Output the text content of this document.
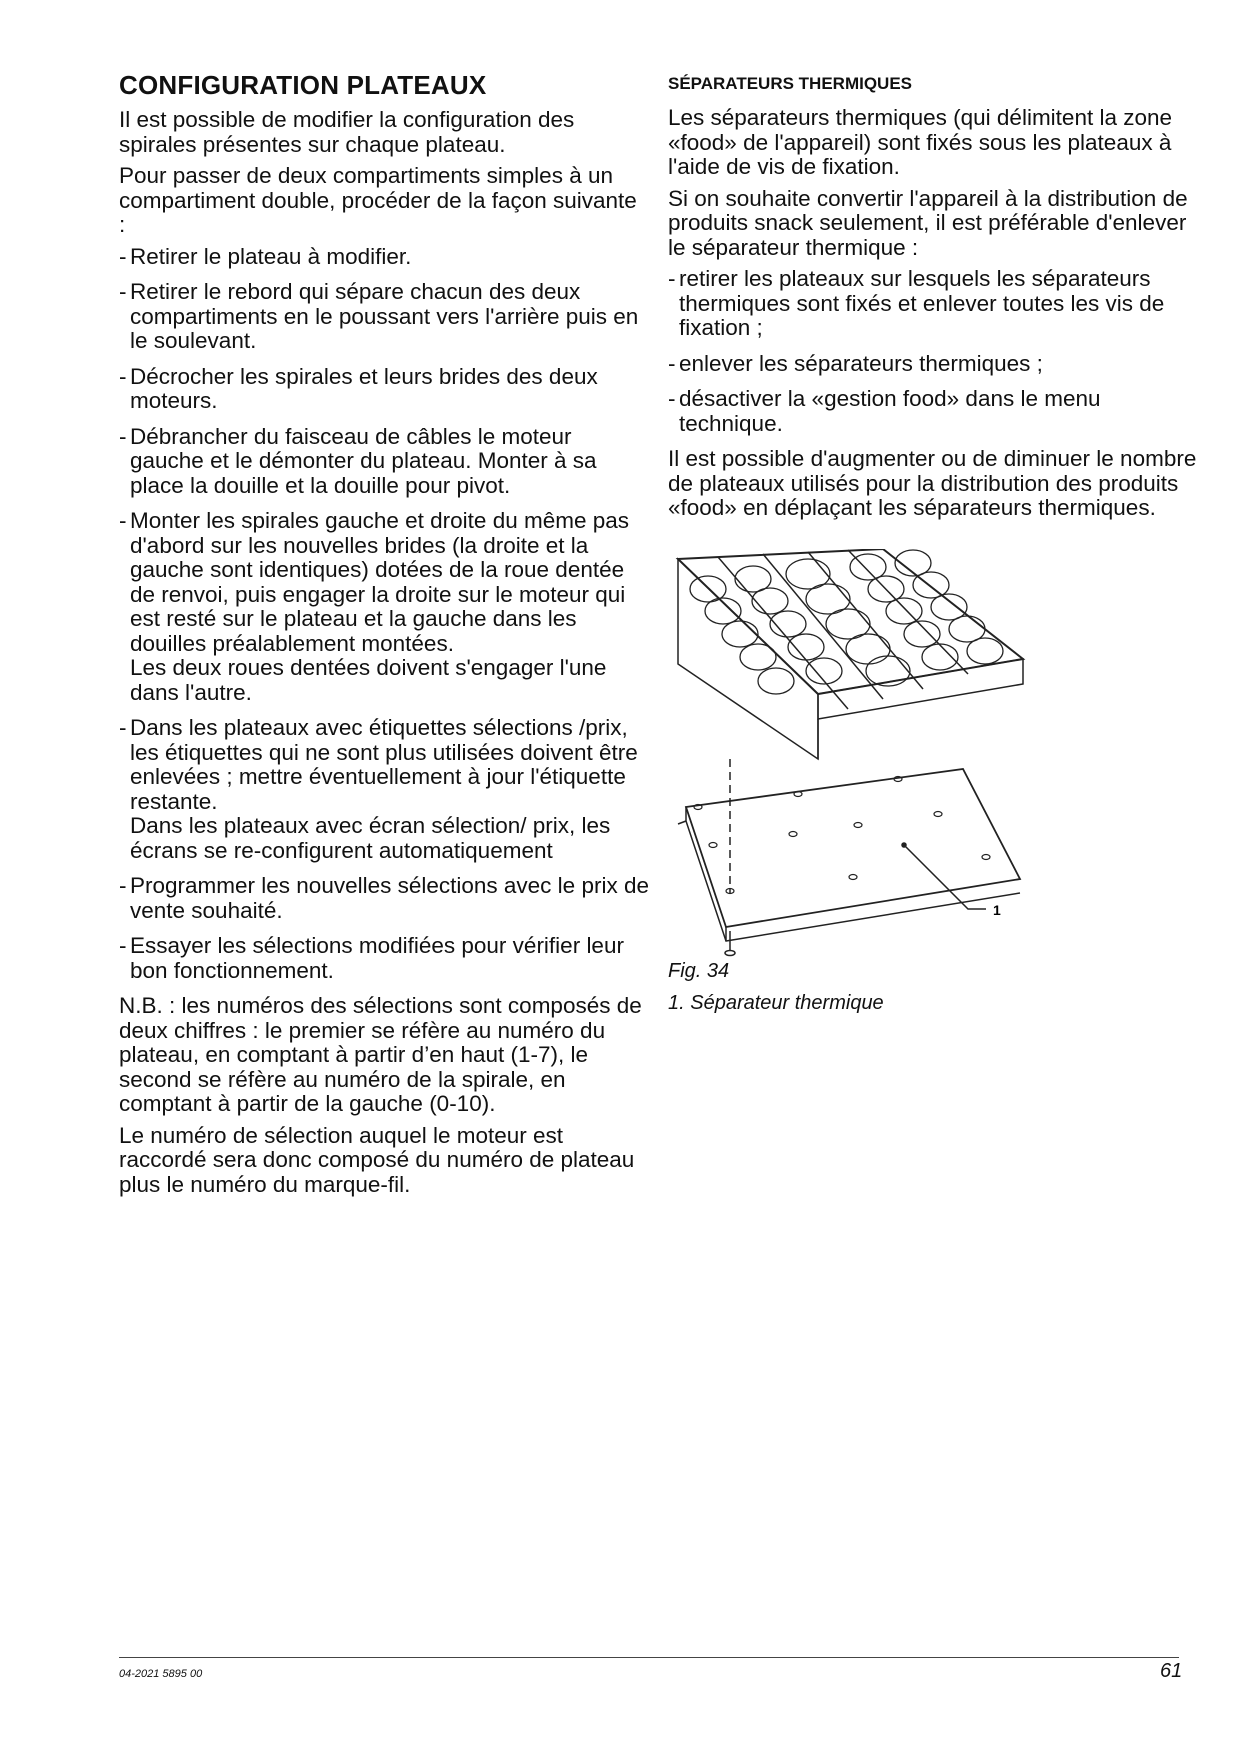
CONFIGURATION PLATEAUX

Il est possible de modifier la configuration des spirales présentes sur chaque plateau.

Pour passer de deux compartiments simples à un compartiment double, procéder de la façon suivante :

- Retirer le plateau à modifier.
- Retirer le rebord qui sépare chacun des deux compartiments en le poussant vers l'arrière puis en le soulevant.
- Décrocher les spirales et leurs brides des deux moteurs.
- Débrancher du faisceau de câbles le moteur gauche et le démonter du plateau. Monter à sa place la douille et la douille pour pivot.
- Monter les spirales gauche et droite du même pas d'abord sur les nouvelles brides (la droite et la gauche sont identiques) dotées de la roue dentée de renvoi, puis engager la droite sur le moteur qui est resté sur le plateau et la gauche dans les douilles préalablement montées.
Les deux roues dentées doivent s'engager l'une dans l'autre.
- Dans les plateaux avec étiquettes sélections /prix, les étiquettes qui ne sont plus utilisées doivent être enlevées ; mettre éventuellement à jour l'étiquette restante.
Dans les plateaux avec écran sélection/ prix, les écrans se re-configurent automatiquement
- Programmer les nouvelles sélections avec le prix de vente souhaité.
- Essayer les sélections modifiées pour vérifier leur bon fonctionnement.

N.B. : les numéros des sélections sont composés de deux chiffres : le premier se réfère au numéro du plateau, en comptant à partir d’en haut (1-7), le second se réfère au numéro de la spirale, en comptant à partir de la gauche (0-10).

Le numéro de sélection auquel le moteur est raccordé sera donc composé du numéro de plateau plus le numéro du marque-fil.

SÉPARATEURS THERMIQUES

Les séparateurs thermiques (qui délimitent la zone «food» de l'appareil) sont fixés sous les plateaux à l'aide de vis de fixation.

Si on souhaite convertir l'appareil à la distribution de produits snack seulement, il est préférable d'enlever le séparateur thermique :

- retirer les plateaux sur lesquels les séparateurs thermiques sont fixés et enlever toutes les vis de fixation ;
- enlever les séparateurs thermiques ;
- désactiver la «gestion food» dans le menu technique.

Il est possible d'augmenter ou de diminuer le nombre de plateaux utilisés pour la distribution des produits «food» en déplaçant les séparateurs thermiques.

1

Fig. 34

1. Séparateur thermique

04-2021 5895 00	61
